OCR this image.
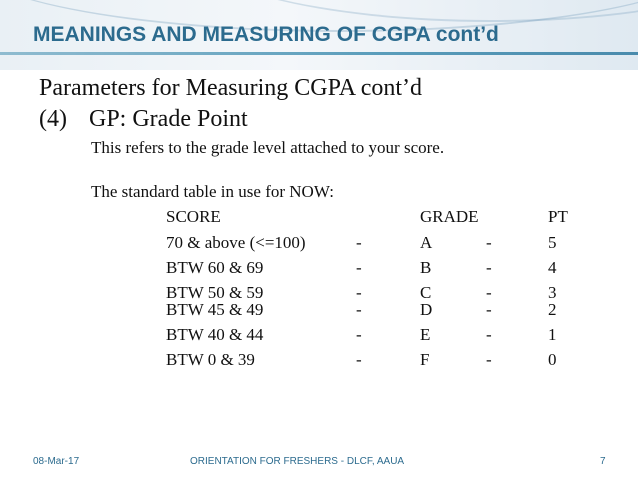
MEANINGS AND MEASURING OF CGPA cont’d
Parameters for Measuring CGPA cont’d
(4) GP: Grade Point
This refers to the grade level attached to your score.
The standard table in use for NOW:
SCORE	GRADE	PT
70 & above (<=100)	-	A	-	5
BTW 60 & 69	-	B	-	4
BTW 50 & 59	-	C	-	3
BTW 45 & 49	-	D	-	2
BTW 40 & 44	-	E	-	1
BTW 0 & 39	-	F	-	0
08-Mar-17	ORIENTATION FOR FRESHERS - DLCF, AAUA	7
